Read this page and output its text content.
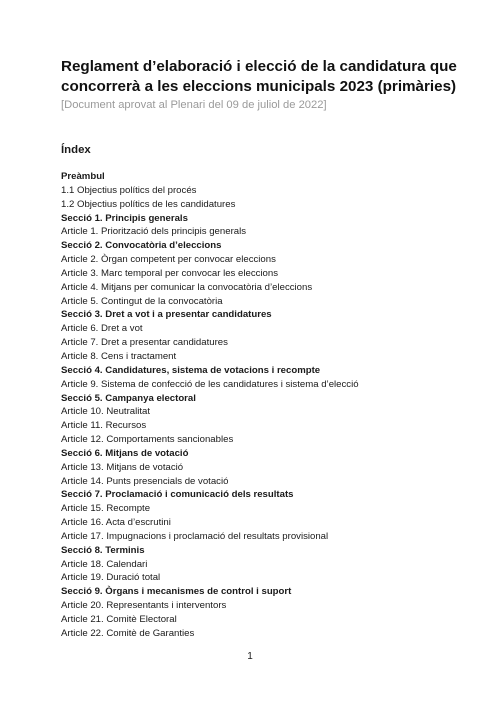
Reglament d’elaboració i elecció de la candidatura que concorrerà a les eleccions municipals 2023 (primàries)
[Document aprovat al Plenari del 09 de juliol de 2022]
Índex
Preàmbul
1.1 Objectius polítics del procés
1.2 Objectius polítics de les candidatures
Secció 1. Principis generals
Article 1. Priorització dels principis generals
Secció 2. Convocatòria d’eleccions
Article 2. Òrgan competent per convocar eleccions
Article 3. Marc temporal per convocar les eleccions
Article 4. Mitjans per comunicar la convocatòria d’eleccions
Article 5. Contingut de la convocatòria
Secció 3. Dret a vot i a presentar candidatures
Article 6. Dret a vot
Article 7. Dret a presentar candidatures
Article 8. Cens i tractament
Secció 4. Candidatures, sistema de votacions i recompte
Article 9. Sistema de confecció de les candidatures i sistema d’elecció
Secció 5. Campanya electoral
Article 10. Neutralitat
Article 11. Recursos
Article 12. Comportaments sancionables
Secció 6. Mitjans de votació
Article 13. Mitjans de votació
Article 14. Punts presencials de votació
Secció 7. Proclamació i comunicació dels resultats
Article 15. Recompte
Article 16. Acta d’escrutini
Article 17. Impugnacions i proclamació del resultats provisional
Secció 8. Terminis
Article 18. Calendari
Article 19. Duració total
Secció 9. Òrgans i mecanismes de control i suport
Article 20. Representants i interventors
Article 21. Comitè Electoral
Article 22. Comitè de Garanties
1
